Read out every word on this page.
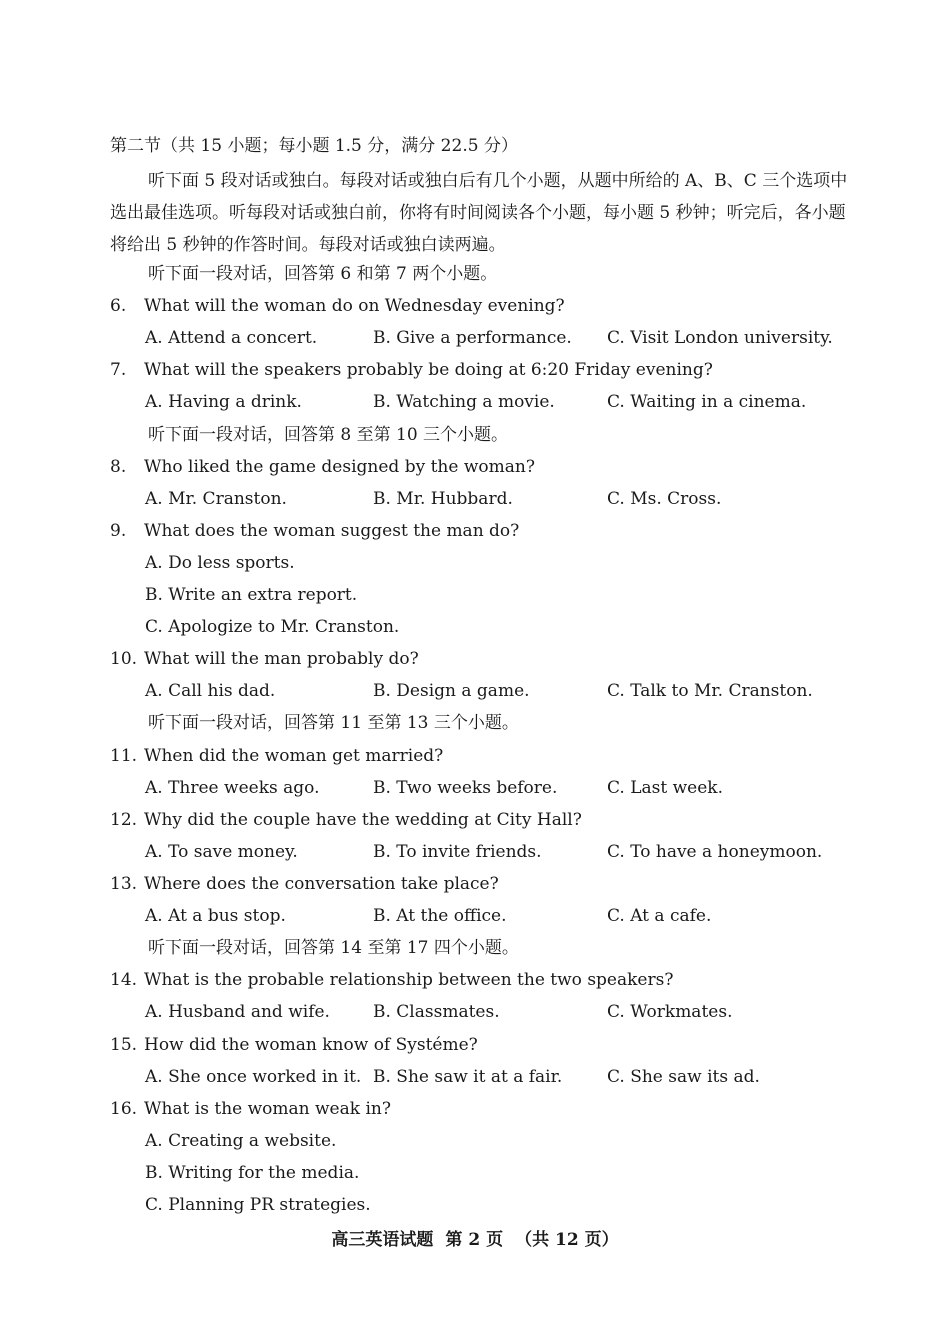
第二节（共 15 小题；每小题 1.5 分，满分 22.5 分）
听下面 5 段对话或独白。每段对话或独白后有几个小题，从题中所给的 A、B、C 三个选项中选出最佳选项。听每段对话或独白前，你将有时间阅读各个小题，每小题 5 秒钟；听完后，各小题将给出 5 秒钟的作答时间。每段对话或独白读两遍。
听下面一段对话，回答第 6 和第 7 两个小题。
6. What will the woman do on Wednesday evening?
A. Attend a concert.	B. Give a performance. C. Visit London university.
7. What will the speakers probably be doing at 6:20 Friday evening?
A. Having a drink.	B. Watching a movie.	C. Waiting in a cinema.
听下面一段对话，回答第 8 至第 10 三个小题。
8. Who liked the game designed by the woman?
A. Mr. Cranston.	B. Mr. Hubbard.	C. Ms. Cross.
9. What does the woman suggest the man do?
A. Do less sports.
B. Write an extra report.
C. Apologize to Mr. Cranston.
10. What will the man probably do?
A. Call his dad.	B. Design a game.	C. Talk to Mr. Cranston.
听下面一段对话，回答第 11 至第 13 三个小题。
11. When did the woman get married?
A. Three weeks ago.	B. Two weeks before.	C. Last week.
12. Why did the couple have the wedding at City Hall?
A. To save money.	B. To invite friends.	C. To have a honeymoon.
13. Where does the conversation take place?
A. At a bus stop.	B. At the office.	C. At a cafe.
听下面一段对话，回答第 14 至第 17 四个小题。
14. What is the probable relationship between the two speakers?
A. Husband and wife.	B. Classmates.	C. Workmates.
15. How did the woman know of Systéme?
A. She once worked in it. B. She saw it at a fair.	C. She saw its ad.
16. What is the woman weak in?
A. Creating a website.
B. Writing for the media.
C. Planning PR strategies.
高三英语试题 第 2 页 （共 12 页）
